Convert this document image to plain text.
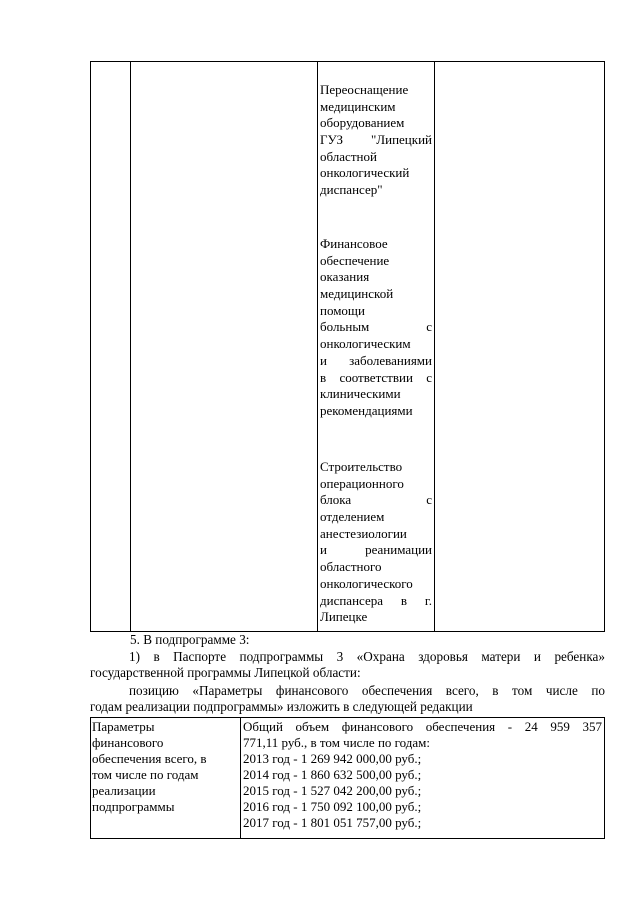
Переоснащение
медицинским
оборудованием
ГУЗ "Липецкий
областной
онкологический
диспансер"
Финансовое
обеспечение
оказания
медицинской
помощи
больным с
онкологическим
и заболеваниями
в соответствии с
клиническими
рекомендациями
Строительство
операционного
блока с
отделением
анестезиологии
и реанимации
областного
онкологического
диспансера в г.
Липецке
5. В подпрограмме 3:
1) в Паспорте подпрограммы 3 «Охрана здоровья матери и ребенка»
государственной программы Липецкой области:
позицию «Параметры финансового обеспечения всего, в том числе по
годам реализации подпрограммы» изложить в следующей редакции
Параметры
финансового
обеспечения всего, в
том числе по годам
реализации
подпрограммы
Общий объем финансового обеспечения - 24 959 357
771,11 руб., в том числе по годам:
2013 год - 1 269 942 000,00 руб.;
2014 год - 1 860 632 500,00 руб.;
2015 год - 1 527 042 200,00 руб.;
2016 год - 1 750 092 100,00 руб.;
2017 год - 1 801 051 757,00 руб.;
